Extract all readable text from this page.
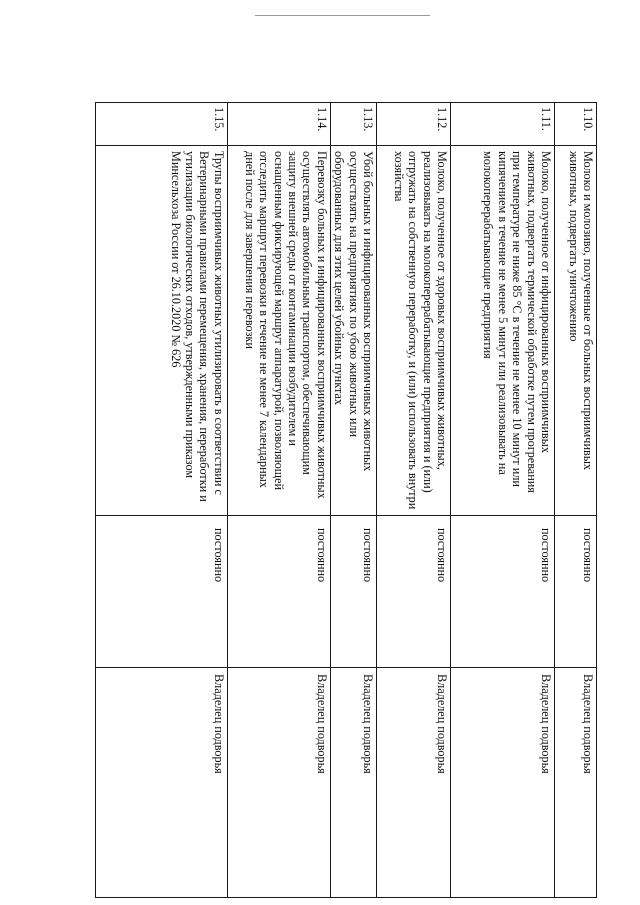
1.10.	Молоко и молозиво, полученные от больных восприимчивых животных, подвергать уничтожению	постоянно	Владелец подворья
1.11.	Молоко, полученное от инфицированных восприимчивых животных, подвергать термической обработке путем прогревания при температуре не ниже 85 °C в течение не менее 10 минут или кипячением в течение не менее 5 минут или реализовывать на молокоперерабатывающие предприятия	постоянно	Владелец подворья
1.12.	Молоко, полученное от здоровых восприимчивых животных, реализовывать на молокоперерабатывающие предприятия и (или) отгружать на собственную переработку, и (или) использовать внутри хозяйства	постоянно	Владелец подворья
1.13.	Убой больных и инфицированных восприимчивых животных осуществлять на предприятиях по убою животных или оборудованных для этих целей убойных пунктах	постоянно	Владелец подворья
1.14.	Перевозку больных и инфицированных восприимчивых животных осуществлять автомобильным транспортом, обеспечивающим защиту внешней среды от контаминации возбудителем и оснащенным фиксирующей маршрут аппаратурой, позволяющей отследить маршрут перевозки в течение не менее 7 календарных дней после для завершения перевозки	постоянно	Владелец подворья
1.15.	Трупы восприимчивых животных утилизировать в соответствии с Ветеринарными правилами перемещения, хранения, переработки и утилизации биологических отходов, утвержденными приказом Минсельхоза России от 26.10.2020 № 626	постоянно	Владелец подворья
